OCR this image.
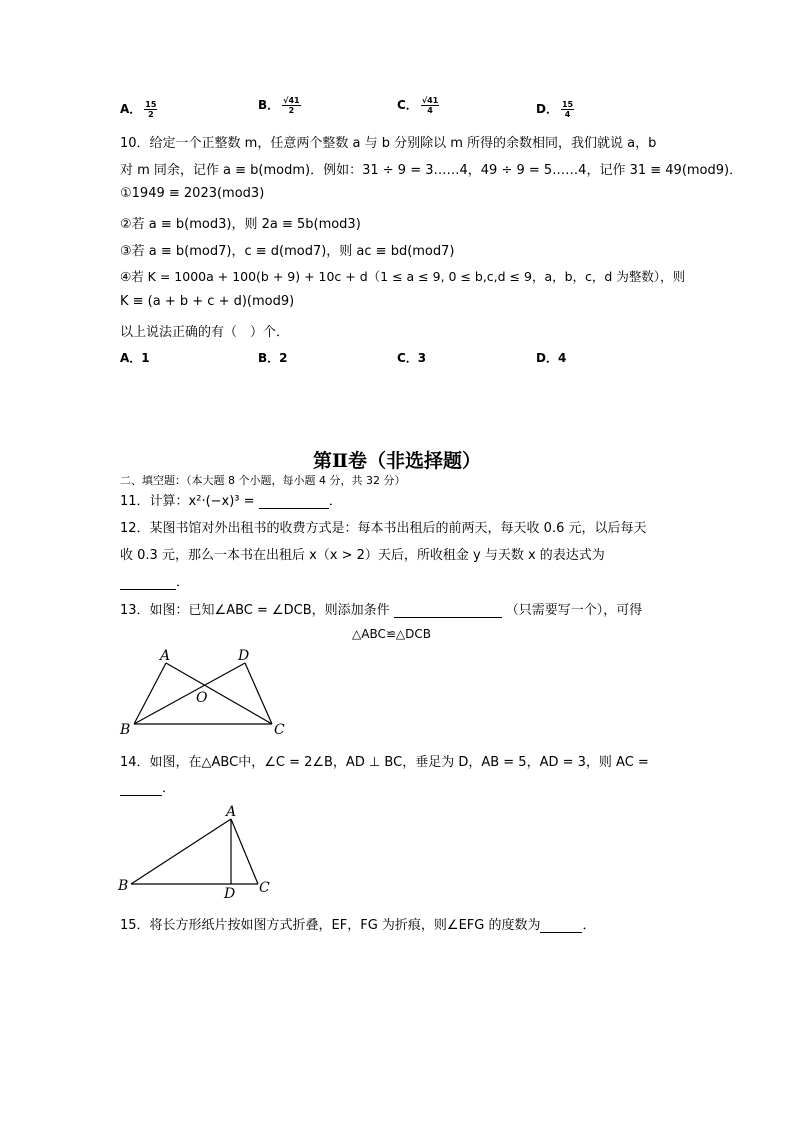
A． $\frac{15}{2}$	B． $\frac{√41}{2}$	C． $\frac{√41}{4}$	D． $\frac{15}{4}$
10．给定一个正整数 m，任意两个整数 a 与 b 分别除以 m 所得的余数相同，我们就说 a，b
对 m 同余，记作 a ≡ b(modm)．例如：31 ÷ 9 = 3……4，49 ÷ 9 = 5……4，记作 31 ≡ 49(mod9)．
①1949 ≡ 2023(mod3)
②若 a ≡ b(mod3)，则 2a ≡ 5b(mod3)
③若 a ≡ b(mod7)，c ≡ d(mod7)，则 ac ≡ bd(mod7)
④若 K = 1000a + 100(b + 9) + 10c + d（1 ≤ a ≤ 9, 0 ≤ b,c,d ≤ 9，a，b，c，d 为整数），则
K ≡ (a + b + c + d)(mod9)
以上说法正确的有（　）个．
A．1	B．2	C．3	D．4
第Ⅱ卷（非选择题）
二、填空题：（本大题 8 个小题，每小题 4 分，共 32 分）
11．计算：x²·(−x)³ =	．
12．某图书馆对外出租书的收费方式是：每本书出租后的前两天，每天收 0.6 元，以后每天
收 0.3 元，那么一本书在出租后 x（x > 2）天后，所收租金 y 与天数 x 的表达式为
．
13．如图：已知∠ABC = ∠DCB，则添加条件	（只需要写一个），可得
△ABC≌△DCB
A	D
O
B	C
14．如图，在△ABC中，∠C = 2∠B，AD ⊥ BC，垂足为 D，AB = 5，AD = 3，则 AC =
．
A
B	D C
15．将长方形纸片按如图方式折叠，EF，FG 为折痕，则∠EFG 的度数为	．
